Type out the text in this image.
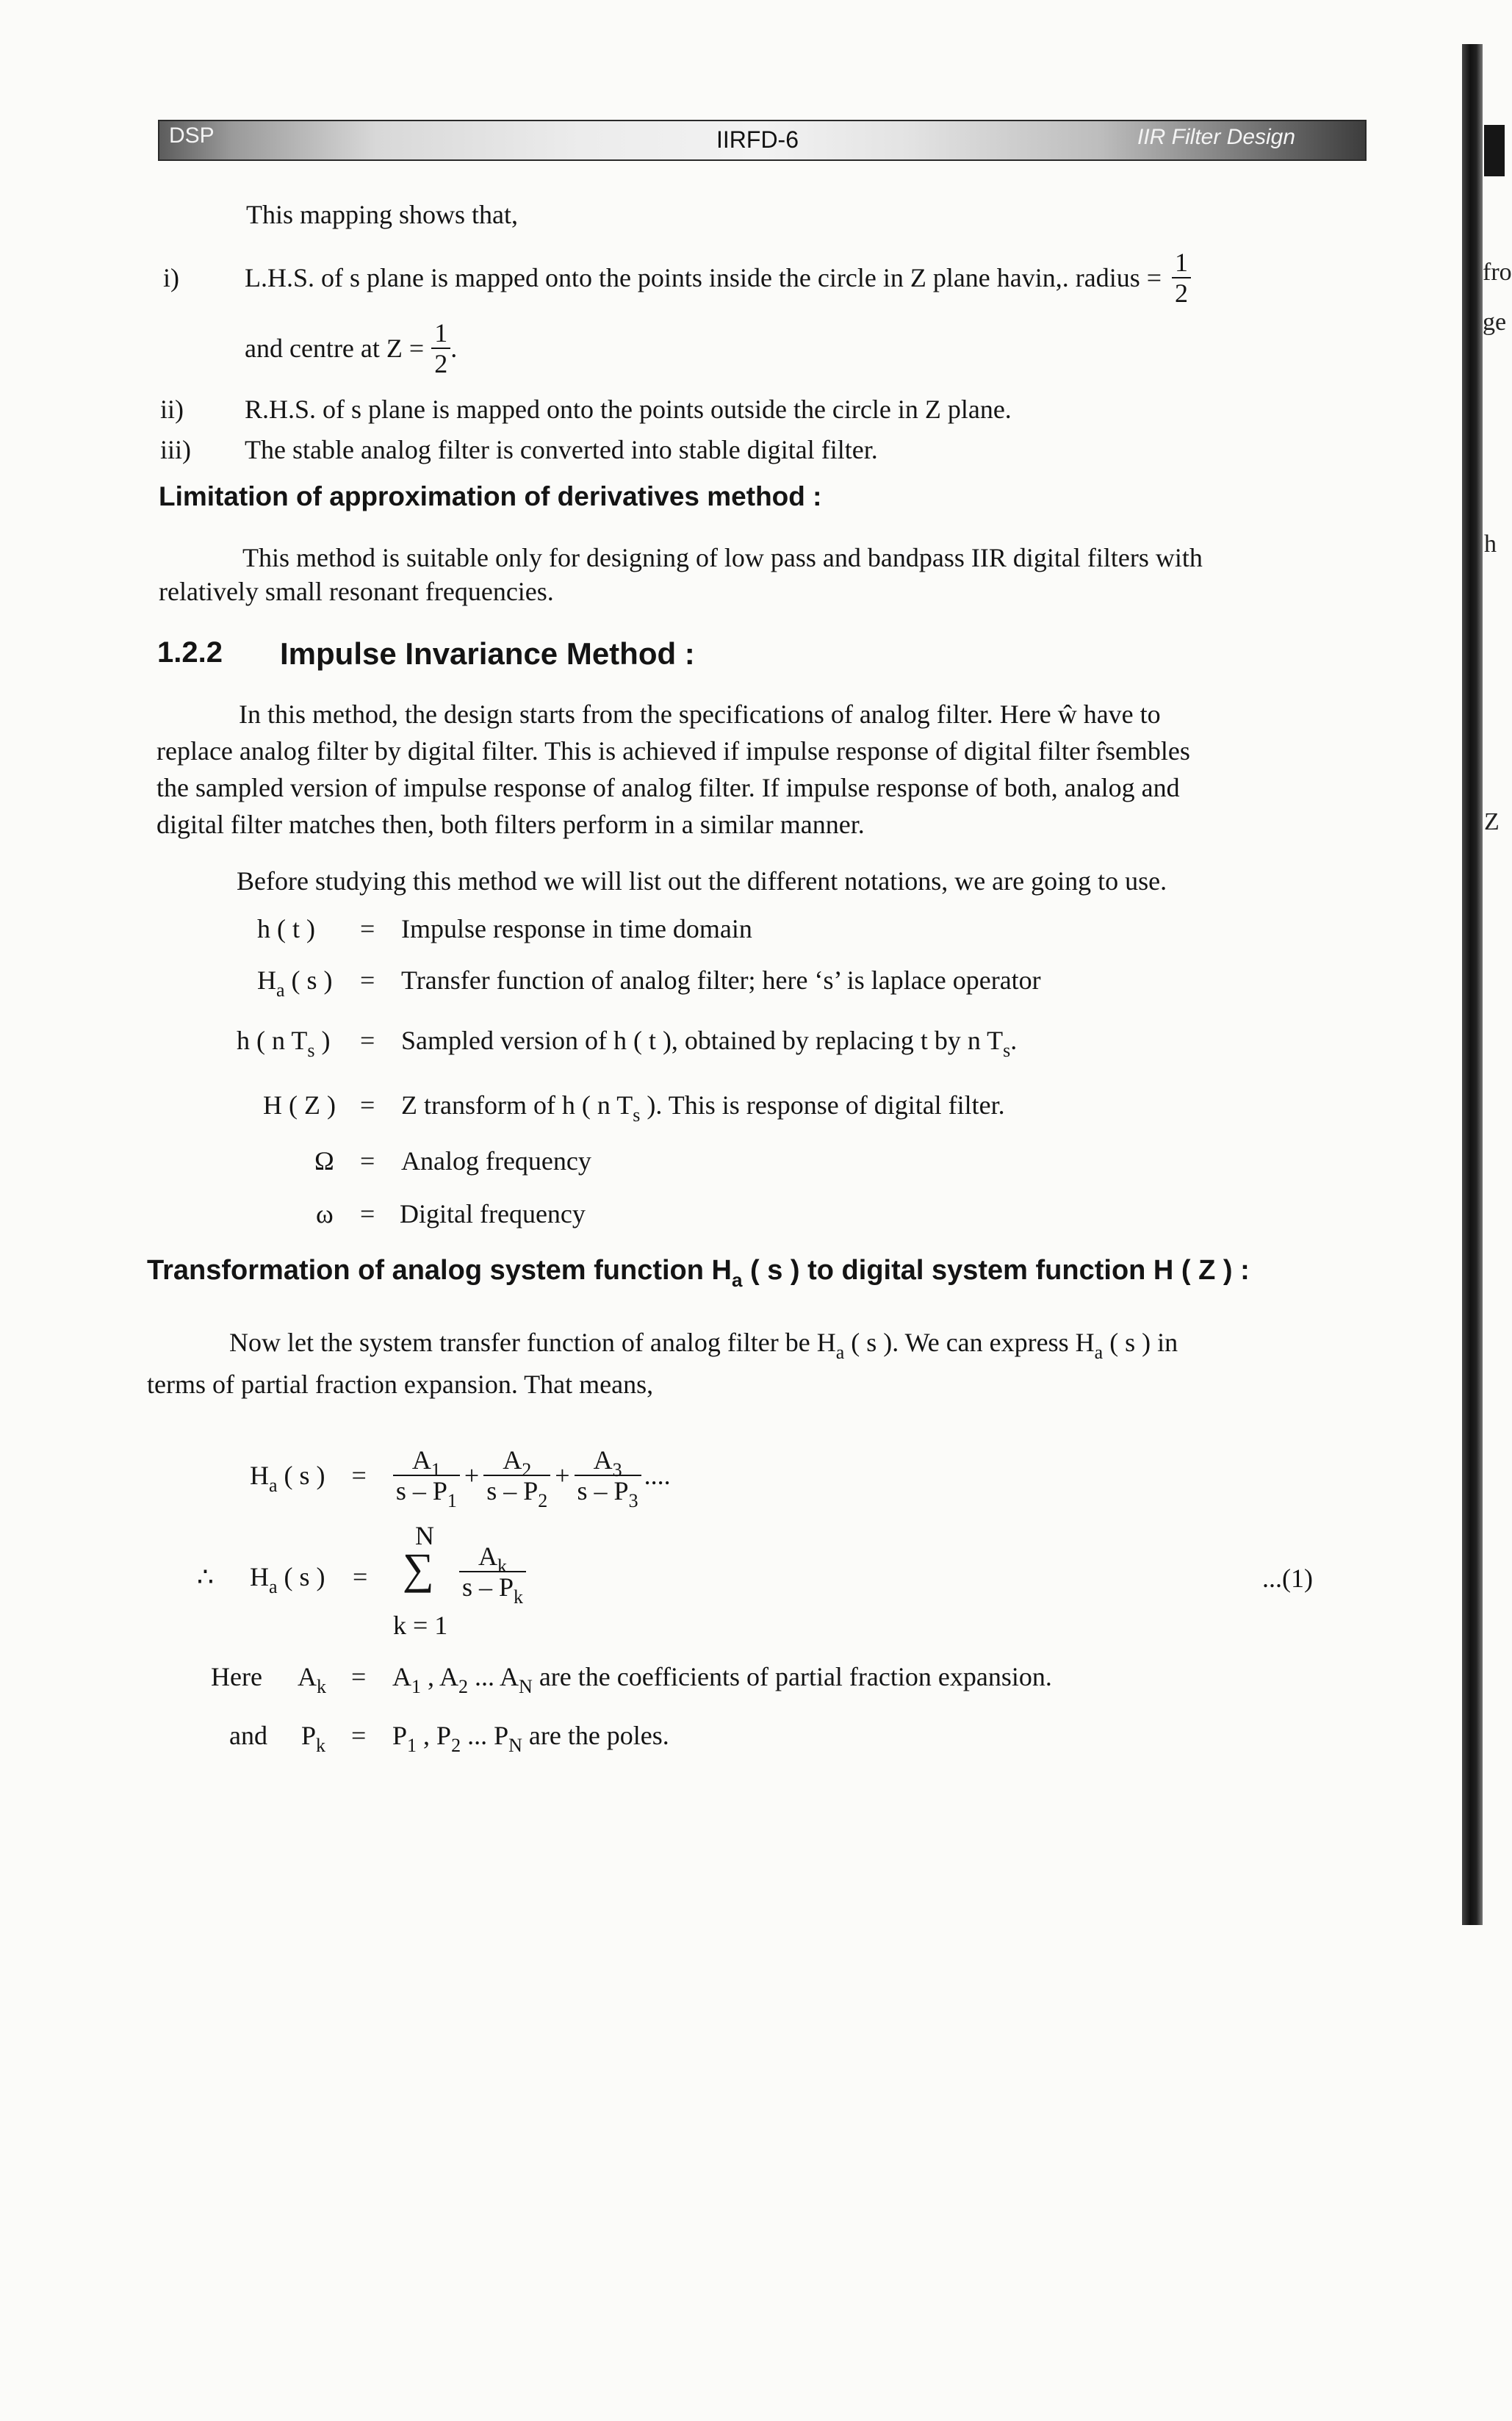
DSP	IIRFD-6	IIR Filter Design
fro
ge
h
Z
This mapping shows that,
i) L.H.S. of s plane is mapped onto the points inside the circle in Z plane havin,. radius = $\frac{1}{2}$
and centre at $Z = \frac{1}{2}$ .
ii) R.H.S. of s plane is mapped onto the points outside the circle in Z plane.
iii) The stable analog filter is converted into stable digital filter.
Limitation of approximation of derivatives method :
This method is suitable only for designing of low pass and bandpass IIR digital filters with
relatively small resonant frequencies.
1.2.2 Impulse Invariance Method :
In this method, the design starts from the specifications of analog filter. Here ŵ have to
replace analog filter by digital filter. This is achieved if impulse response of digital filter r̂sembles
the sampled version of impulse response of analog filter. If impulse response of both, analog and
digital filter matches then, both filters perform in a similar manner.
Before studying this method we will list out the different notations, we are going to use.
h ( t ) = Impulse response in time domain
$H_a$ ( s ) = Transfer function of analog filter; here ‘s’ is laplace operator
h ( n $T_s$ ) = Sampled version of h ( t ), obtained by replacing t by n $T_s$.
H ( Z ) = Z transform of h ( n $T_s$ ). This is response of digital filter.
Ω = Analog frequency
ω = Digital frequency
Transformation of analog system function $H_a$ ( s ) to digital system function H ( Z ) :
Now let the system transfer function of analog filter be $H_a$ ( s ). We can express $H_a$ ( s ) in
terms of partial fraction expansion. That means,
$H_a$ ( s ) = $\frac{A_1}{s - P_1} + \frac{A_2}{s - P_2} + \frac{A_3}{s - P_3}$ ....
∴ $H_a$ ( s ) =
N
∑
k = 1
$\frac{A_k}{s - P_k}$	...(1)
Here $A_k = A_1$ , $A_2$ ... $A_N$ are the coefficients of partial fraction expansion.
and $P_k = P_1$ , $P_2$ ... $P_N$ are the poles.
